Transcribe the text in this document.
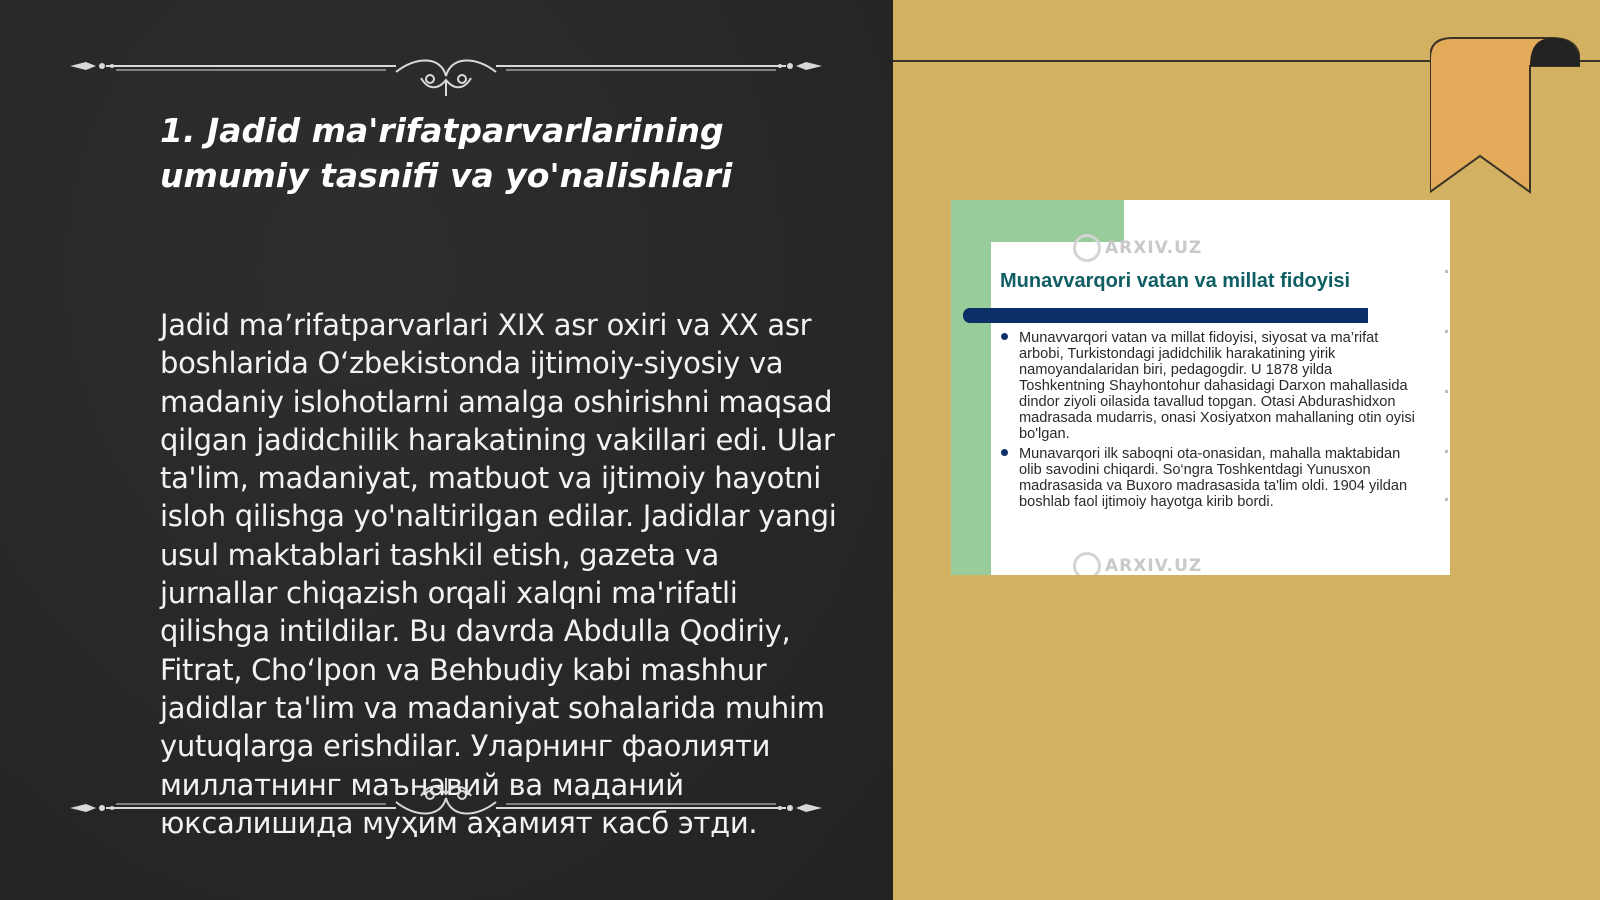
1. Jadid ma'rifatparvarlarining
umumiy tasnifi va yo'nalishlari

Jadid ma’rifatparvarlari XIX asr oxiri va XX asr boshlarida O‘zbekistonda ijtimoiy-siyosiy va madaniy islohotlarni amalga oshirishni maqsad qilgan jadidchilik harakatining vakillari edi. Ular ta'lim, madaniyat, matbuot va ijtimoiy hayotni isloh qilishga yo'naltirilgan edilar. Jadidlar yangi usul maktablari tashkil etish, gazeta va jurnallar chiqazish orqali xalqni ma'rifatli qilishga intildilar. Bu davrda Abdulla Qodiriy, Fitrat, Cho‘lpon va Behbudiy kabi mashhur jadidlar ta'lim va madaniyat sohalarida muhim yutuqlarga erishdilar. Уларнинг фаолияти миллатнинг маънавий ва маданий юксалишида муҳим аҳамият касб этди.

ARXIV.UZ
Munavvarqori vatan va millat fidoyisi
Munavvarqori vatan va millat fidoyisi, siyosat va ma’rifat arbobi, Turkistondagi jadidchilik harakatining yirik namoyandalaridan biri, pedagogdir. U 1878 yilda Toshkentning Shayhontohur dahasidagi Darxon mahallasida dindor ziyoli oilasida tavallud topgan. Otasi Abdurashidxon madrasada mudarris, onasi Xosiyatxon mahallaning otin oyisi bo'lgan.
Munavarqori ilk saboqni ota-onasidan, mahalla maktabidan olib savodini chiqardi. So‘ngra Toshkentdagi Yunusxon madrasasida va Buxoro madrasasida ta'lim oldi. 1904 yildan boshlab faol ijtimoiy hayotga kirib bordi.
ARXIV.UZ
